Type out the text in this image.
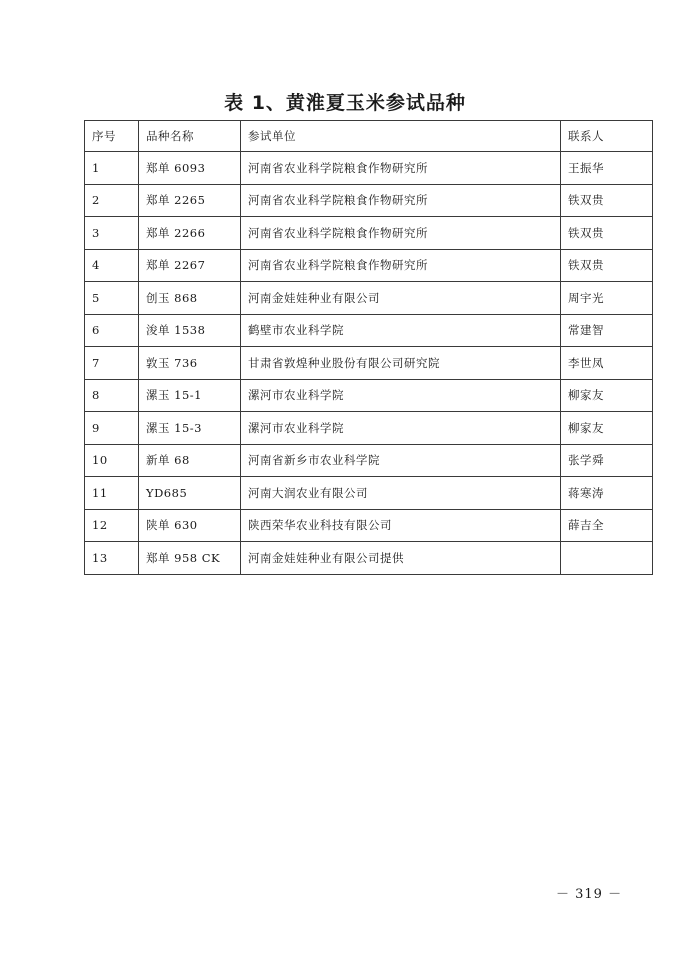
表 1、黄淮夏玉米参试品种
序号	品种名称	参试单位	联系人
1	郑单 6093	河南省农业科学院粮食作物研究所	王振华
2	郑单 2265	河南省农业科学院粮食作物研究所	铁双贵
3	郑单 2266	河南省农业科学院粮食作物研究所	铁双贵
4	郑单 2267	河南省农业科学院粮食作物研究所	铁双贵
5	创玉 868	河南金娃娃种业有限公司	周宇光
6	浚单 1538	鹤壁市农业科学院	常建智
7	敦玉 736	甘肃省敦煌种业股份有限公司研究院	李世凤
8	漯玉 15-1	漯河市农业科学院	柳家友
9	漯玉 15-3	漯河市农业科学院	柳家友
10	新单 68	河南省新乡市农业科学院	张学舜
11	YD685	河南大润农业有限公司	蒋寒涛
12	陕单 630	陕西荣华农业科技有限公司	薛吉全
13	郑单 958 CK	河南金娃娃种业有限公司提供	
－ 319 －
